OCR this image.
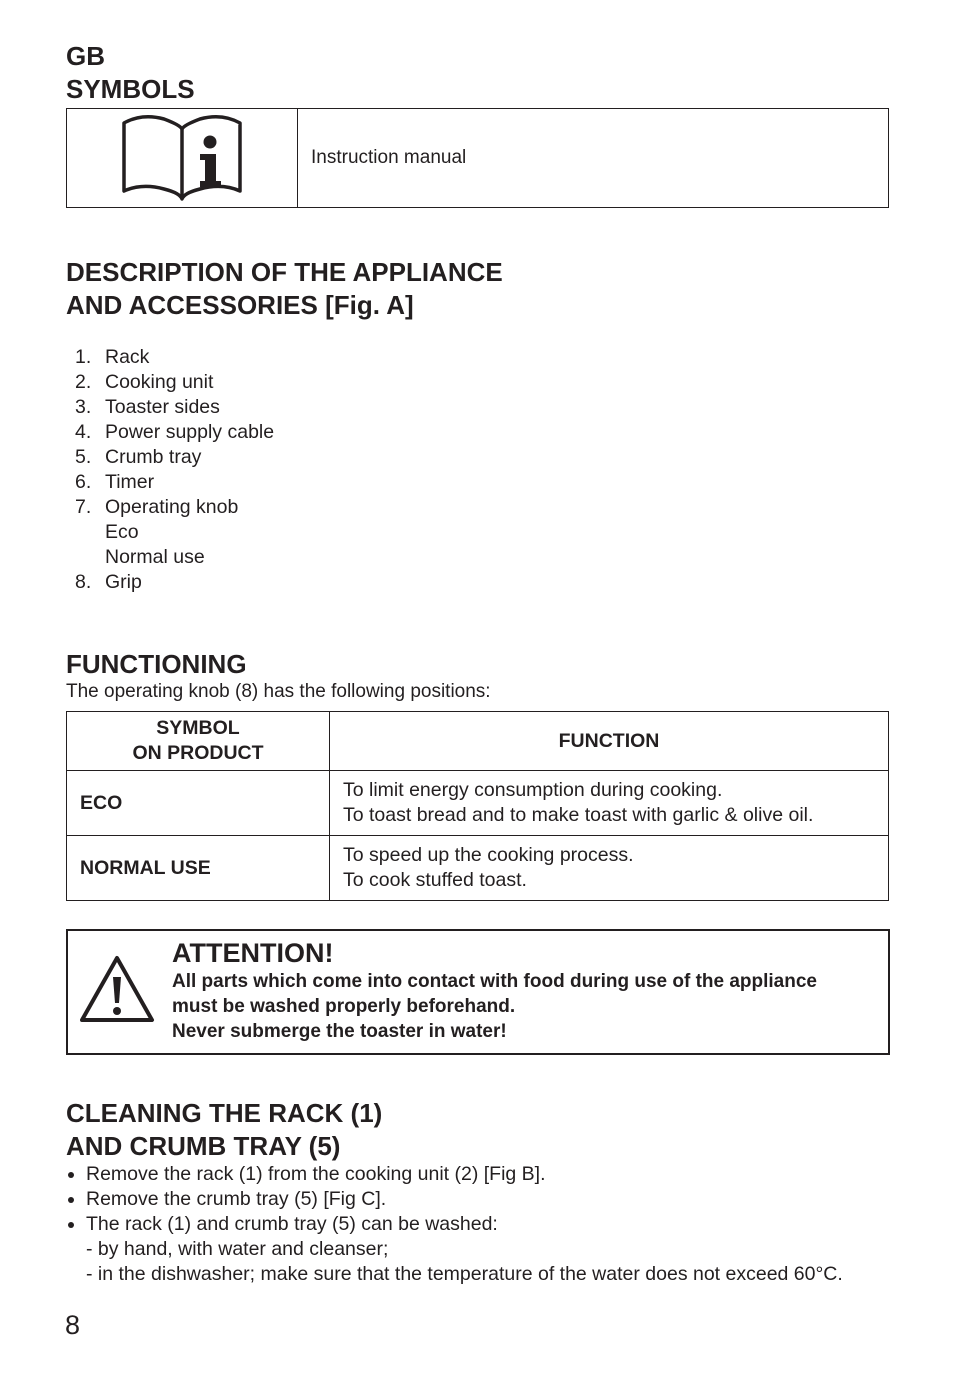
GB
SYMBOLS
Instruction manual
DESCRIPTION OF THE APPLIANCE
AND ACCESSORIES [Fig. A]
1. Rack
2. Cooking unit
3. Toaster sides
4. Power supply cable
5. Crumb tray
6. Timer
7. Operating knob
Eco
Normal use
8. Grip
FUNCTIONING
The operating knob (8) has the following positions:
SYMBOL
ON PRODUCT	FUNCTION
ECO	To limit energy consumption during cooking.
To toast bread and to make toast with garlic & olive oil.

NORMAL USE	To speed up the cooking process.
To cook stuffed toast.
ATTENTION!
All parts which come into contact with food during use of the appliance
must be washed properly beforehand.
Never submerge the toaster in water!
CLEANING THE RACK (1)
AND CRUMB TRAY (5)
Remove the rack (1) from the cooking unit (2) [Fig B].
Remove the crumb tray (5) [Fig C].
The rack (1) and crumb tray (5) can be washed:
- by hand, with water and cleanser;
- in the dishwasher; make sure that the temperature of the water does not exceed 60°C.
8
